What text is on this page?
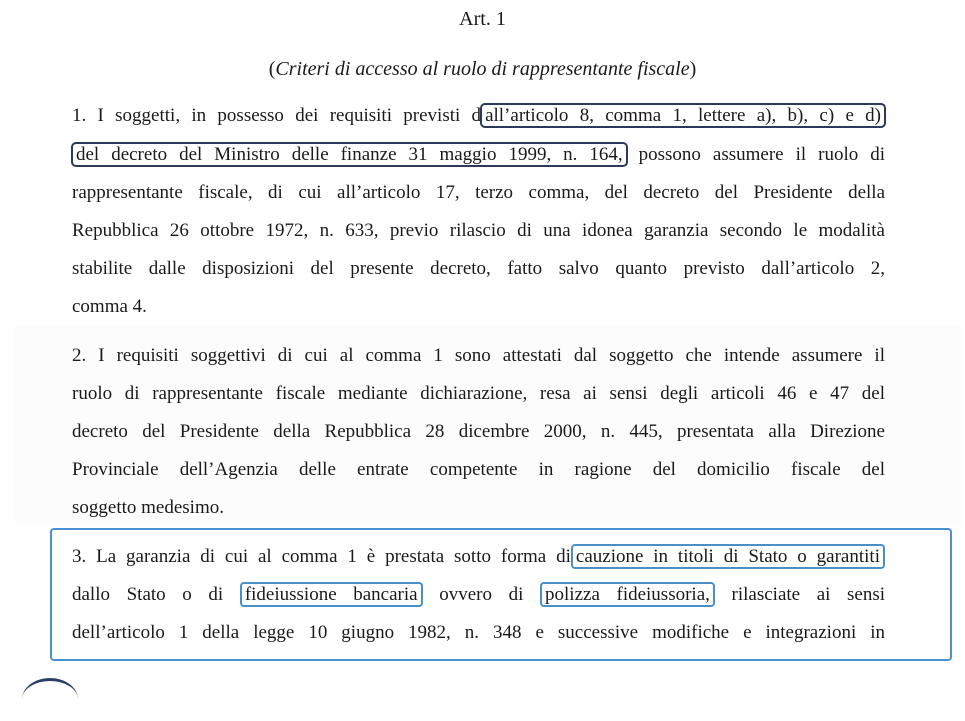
Art. 1
(Criteri di accesso al ruolo di rappresentante fiscale)
1. I soggetti, in possesso dei requisiti previsti d all’articolo 8, comma 1, lettere a), b), c) e d)
del decreto del Ministro delle finanze 31 maggio 1999, n. 164, possono assumere il ruolo di
rappresentante fiscale, di cui all’articolo 17, terzo comma, del decreto del Presidente della
Repubblica 26 ottobre 1972, n. 633, previo rilascio di una idonea garanzia secondo le modalità
stabilite dalle disposizioni del presente decreto, fatto salvo quanto previsto dall’articolo 2,
comma 4.
2. I requisiti soggettivi di cui al comma 1 sono attestati dal soggetto che intende assumere il
ruolo di rappresentante fiscale mediante dichiarazione, resa ai sensi degli articoli 46 e 47 del
decreto del Presidente della Repubblica 28 dicembre 2000, n. 445, presentata alla Direzione
Provinciale dell’Agenzia delle entrate competente in ragione del domicilio fiscale del
soggetto medesimo.
3. La garanzia di cui al comma 1 è prestata sotto forma di cauzione in titoli di Stato o garantiti
dallo Stato o di fideiussione bancaria ovvero di polizza fideiussoria, rilasciate ai sensi
dell’articolo 1 della legge 10 giugno 1982, n. 348 e successive modifiche e integrazioni in
